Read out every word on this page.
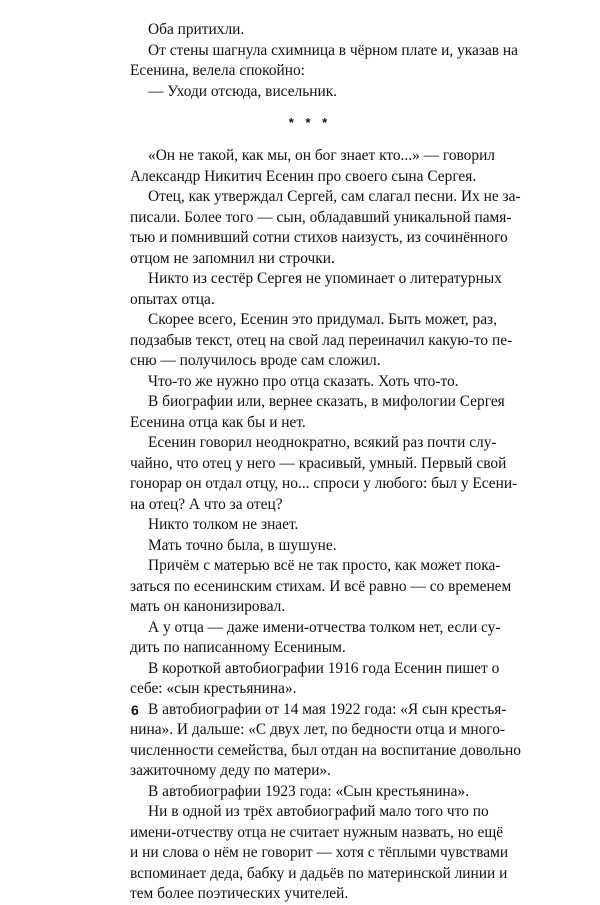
Оба притихли.

От стены шагнула схимница в чёрном плате и, указав на
Есенина, велела спокойно:

— Уходи отсюда, висельник.

* * *

«Он не такой, как мы, он бог знает кто...» — говорил
Александр Никитич Есенин про своего сына Сергея.

Отец, как утверждал Сергей, сам слагал песни. Их не за-
писали. Более того — сын, обладавший уникальной памя-
тью и помнивший сотни стихов наизусть, из сочинённого
отцом не запомнил ни строчки.

Никто из сестёр Сергея не упоминает о литературных
опытах отца.

Скорее всего, Есенин это придумал. Быть может, раз,
подзабыв текст, отец на свой лад переиначил какую-то пе-
сню — получилось вроде сам сложил.

Что-то же нужно про отца сказать. Хоть что-то.

В биографии или, вернее сказать, в мифологии Сергея
Есенина отца как бы и нет.

Есенин говорил неоднократно, всякий раз почти слу-
чайно, что отец у него — красивый, умный. Первый свой
гонорар он отдал отцу, но... спроси у любого: был у Есени-
на отец? А что за отец?

Никто толком не знает.

Мать точно была, в шушуне.

Причём с матерью всё не так просто, как может пока-
заться по есенинским стихам. И всё равно — со временем
мать он канонизировал.

А у отца — даже имени-отчества толком нет, если су-
дить по написанному Есениным.

В короткой автобиографии 1916 года Есенин пишет о
себе: «сын крестьянина».

В автобиографии от 14 мая 1922 года: «Я сын крестья-
нина». И дальше: «С двух лет, по бедности отца и много-
численности семейства, был отдан на воспитание довольно
зажиточному деду по матери».

В автобиографии 1923 года: «Сын крестьянина».

Ни в одной из трёх автобиографий мало того что по
имени-отчеству отца не считает нужным назвать, но ещё
и ни слова о нём не говорит — хотя с тёплыми чувствами
вспоминает деда, бабку и дадьёв по материнской линии и
тем более поэтических учителей.

6
